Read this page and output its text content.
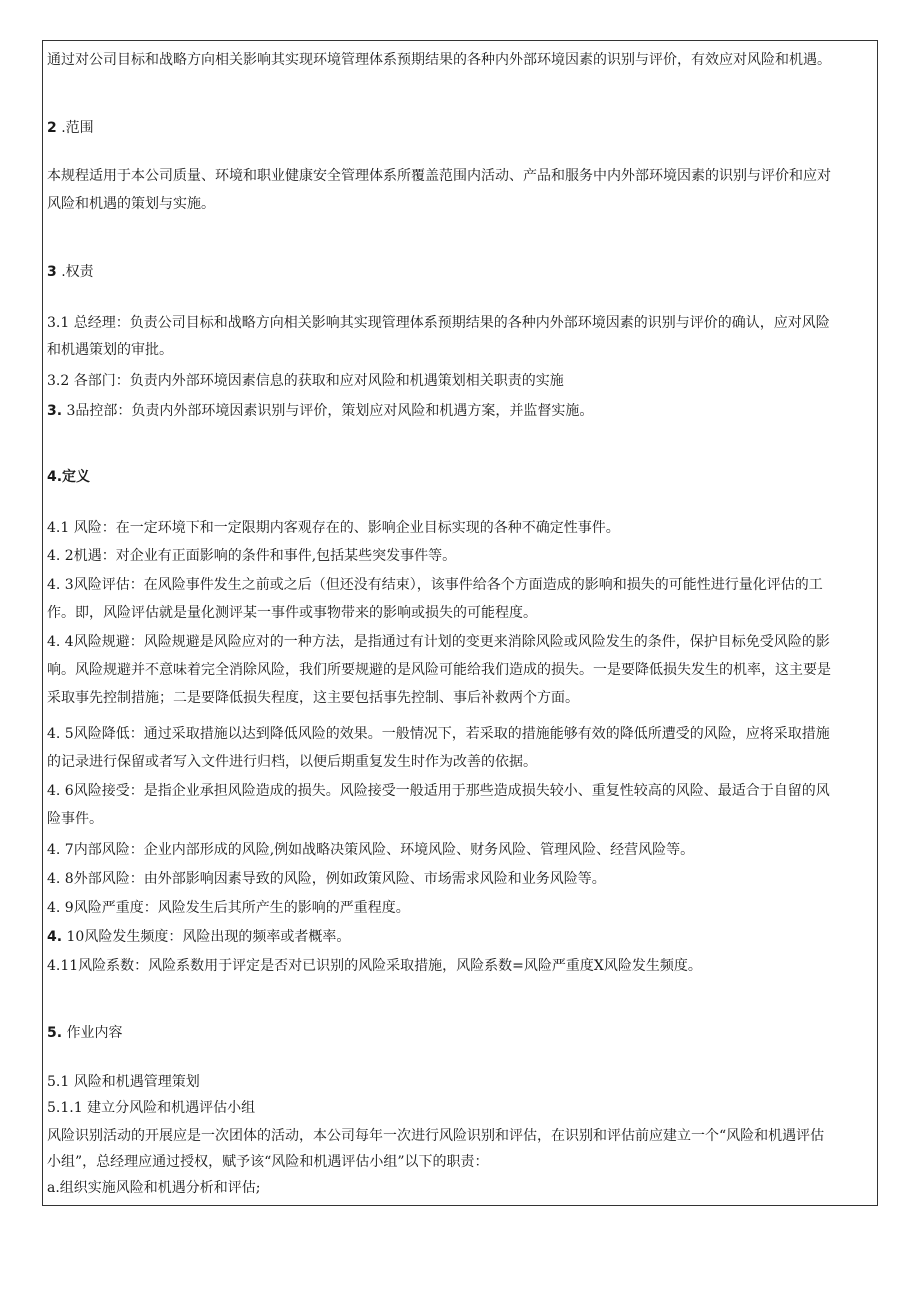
通过对公司目标和战略方向相关影响其实现环境管理体系预期结果的各种内外部环境因素的识别与评价，有效应对风险和机遇。
2 .范围
本规程适用于本公司质量、环境和职业健康安全管理体系所覆盖范围内活动、产品和服务中内外部环境因素的识别与评价和应对
风险和机遇的策划与实施。
3 .权责
3.1 总经理：负责公司目标和战略方向相关影响其实现管理体系预期结果的各种内外部环境因素的识别与评价的确认，应对风险
和机遇策划的审批。
3.2 各部门：负责内外部环境因素信息的获取和应对风险和机遇策划相关职责的实施
3. 3品控部：负责内外部环境因素识别与评价，策划应对风险和机遇方案，并监督实施。
4.定义
4.1 风险：在一定环境下和一定限期内客观存在的、影响企业目标实现的各种不确定性事件。
4. 2机遇：对企业有正面影响的条件和事件,包括某些突发事件等。
4. 3风险评估：在风险事件发生之前或之后（但还没有结束），该事件给各个方面造成的影响和损失的可能性进行量化评估的工
作。即，风险评估就是量化测评某一事件或事物带来的影响或损失的可能程度。
4. 4风险规避：风险规避是风险应对的一种方法，是指通过有计划的变更来消除风险或风险发生的条件，保护目标免受风险的影
响。风险规避并不意味着完全消除风险，我们所要规避的是风险可能给我们造成的损失。一是要降低损失发生的机率，这主要是
采取事先控制措施；二是要降低损失程度，这主要包括事先控制、事后补救两个方面。
4. 5风险降低：通过采取措施以达到降低风险的效果。一般情况下，若采取的措施能够有效的降低所遭受的风险，应将采取措施
的记录进行保留或者写入文件进行归档，以便后期重复发生时作为改善的依据。
4. 6风险接受：是指企业承担风险造成的损失。风险接受一般适用于那些造成损失较小、重复性较高的风险、最适合于自留的风
险事件。
4. 7内部风险：企业内部形成的风险,例如战略决策风险、环境风险、财务风险、管理风险、经营风险等。
4. 8外部风险：由外部影响因素导致的风险，例如政策风险、市场需求风险和业务风险等。
4. 9风险严重度：风险发生后其所产生的影响的严重程度。
4. 10风险发生频度：风险出现的频率或者概率。
4.11风险系数：风险系数用于评定是否对已识别的风险采取措施，风险系数=风险严重度X风险发生频度。
5. 作业内容
5.1 风险和机遇管理策划
5.1.1 建立分风险和机遇评估小组
风险识别活动的开展应是一次团体的活动，本公司每年一次进行风险识别和评估，在识别和评估前应建立一个“风险和机遇评估
小组”，总经理应通过授权，赋予该“风险和机遇评估小组”以下的职责：
a.组织实施风险和机遇分析和评估;
